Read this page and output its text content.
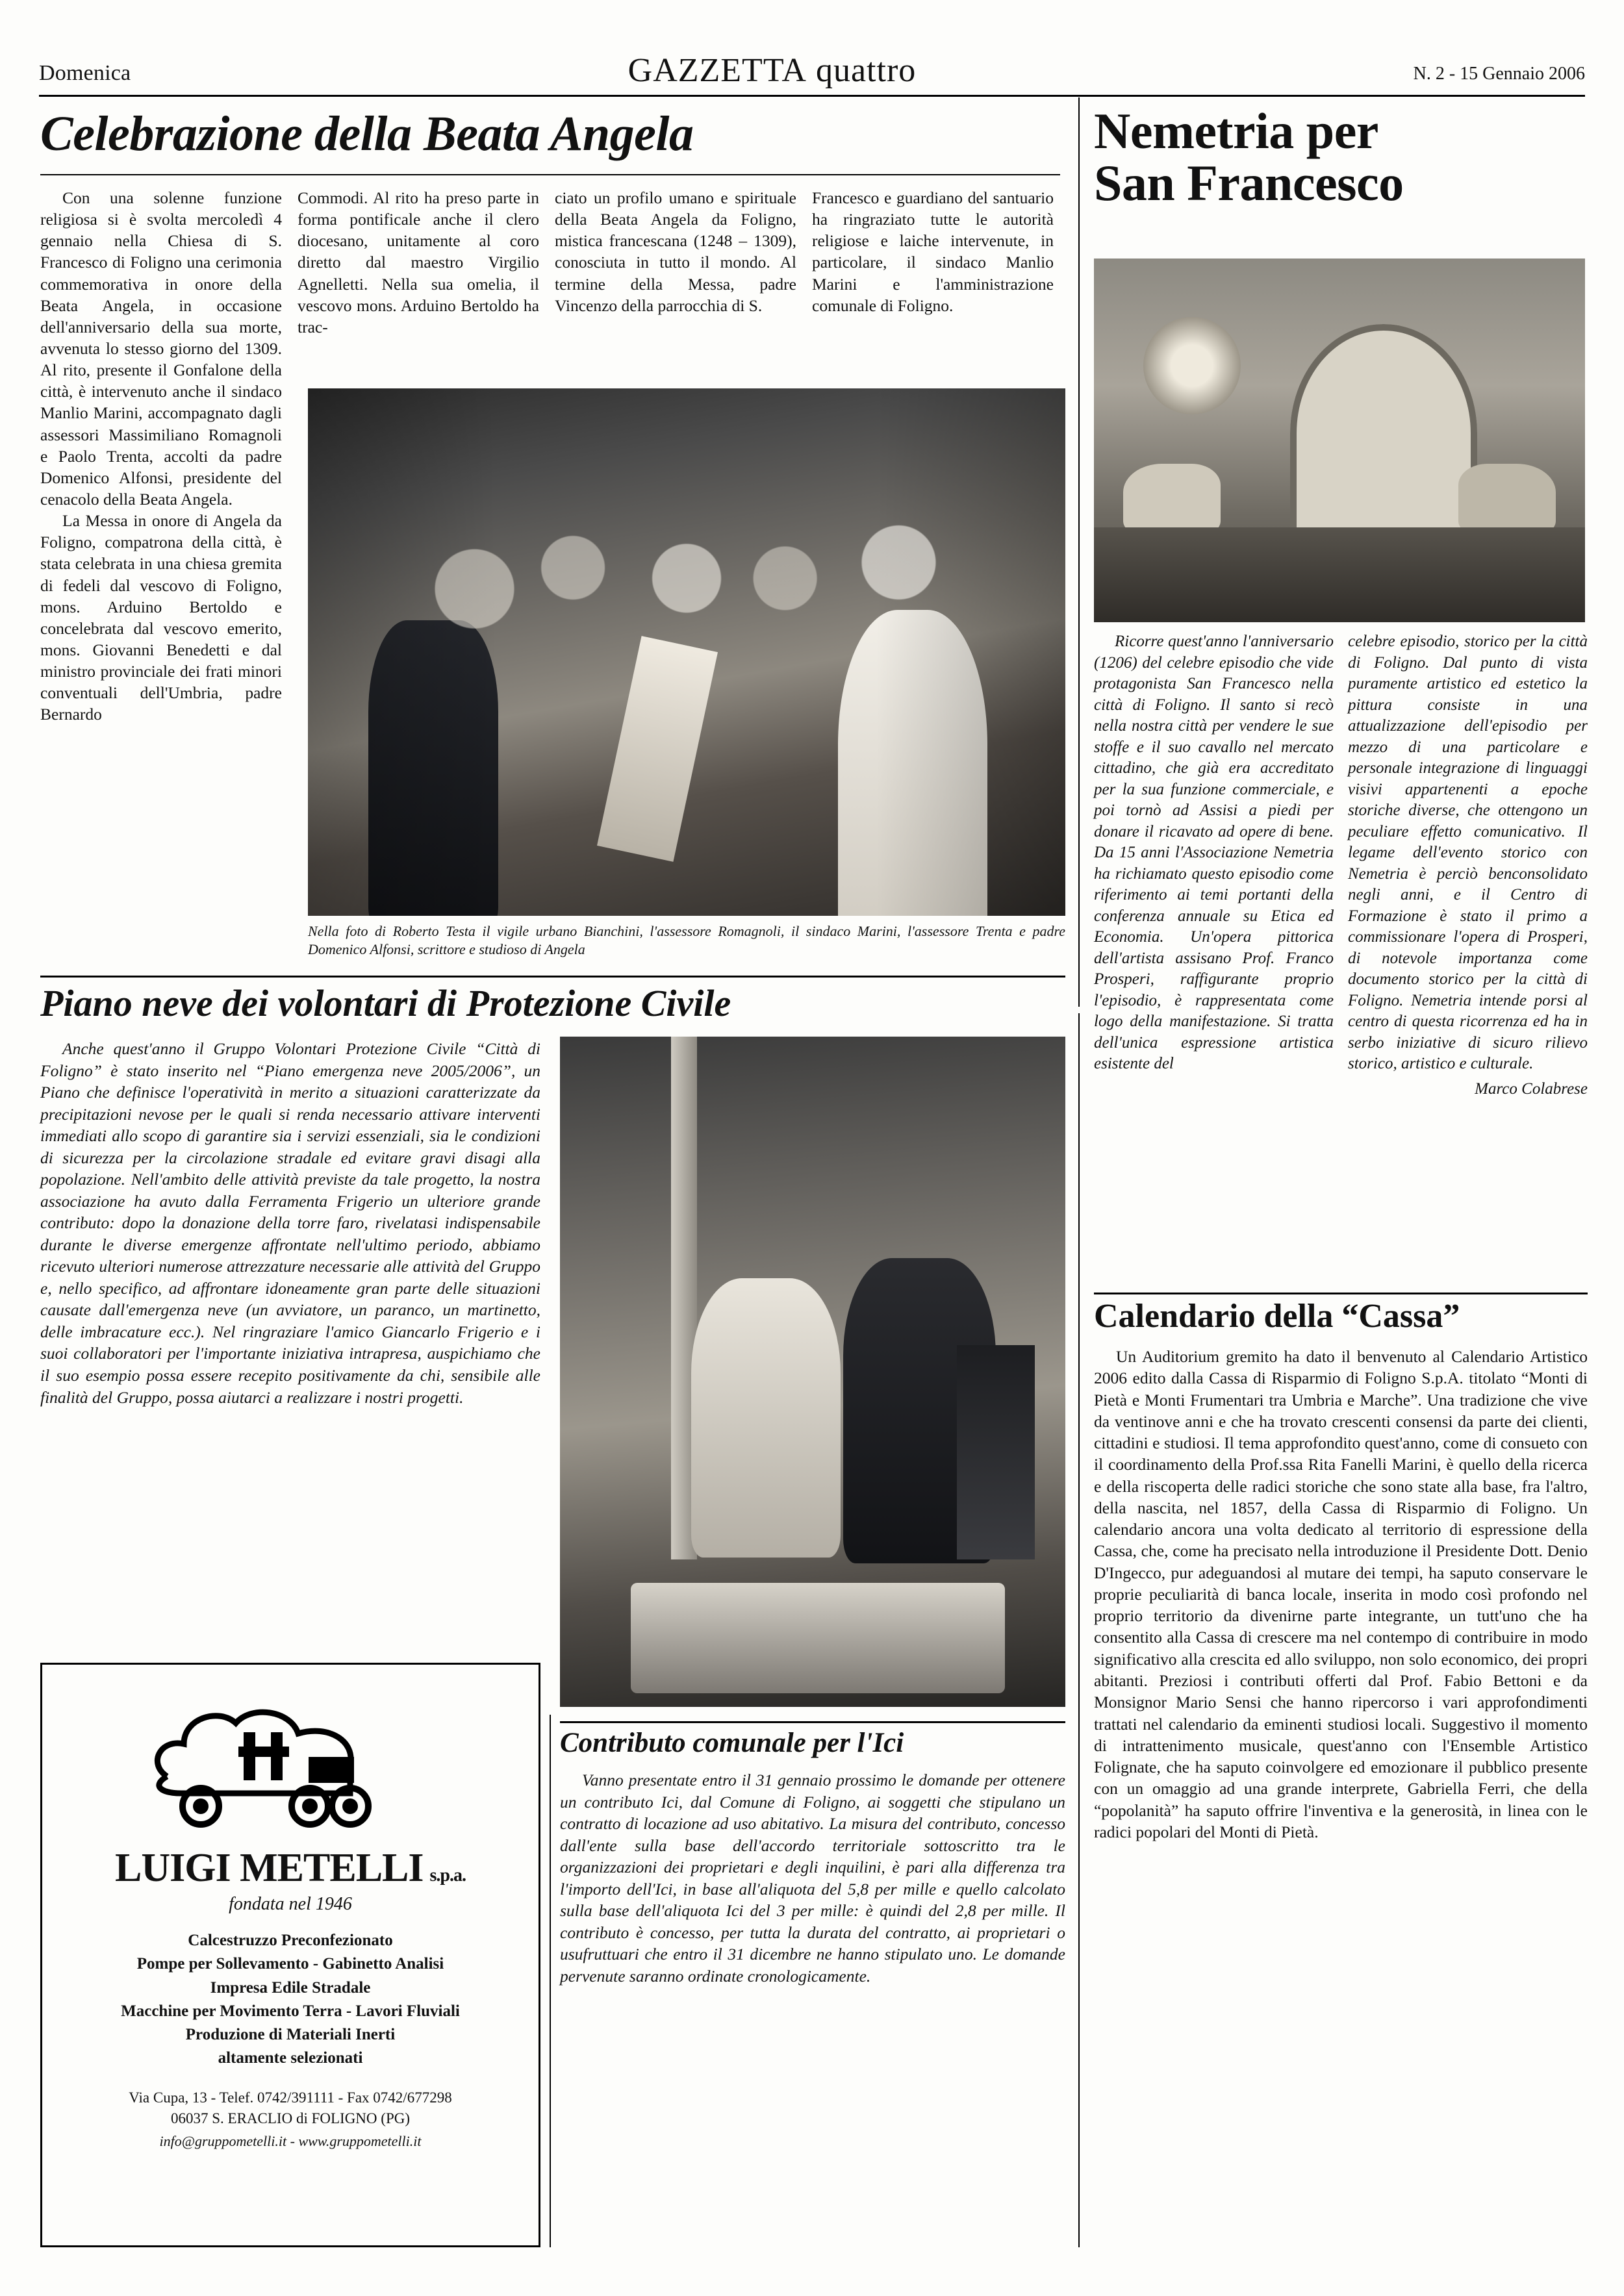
Domenica	GAZZETTA quattro	N. 2 - 15 Gennaio 2006
Celebrazione della Beata Angela

Con una solenne funzione religiosa si è svolta mercoledì 4 gennaio nella Chiesa di S. Francesco di Foligno una cerimonia commemorativa in onore della Beata Angela, in occasione dell'anniversario della sua morte, avvenuta lo stesso giorno del 1309. Al rito, presente il Gonfalone della città, è intervenuto anche il sindaco Manlio Marini, accompagnato dagli assessori Massimiliano Romagnoli e Paolo Trenta, accolti da padre Domenico Alfonsi, presidente del cenacolo della Beata Angela.

La Messa in onore di Angela da Foligno, compatrona della città, è stata celebrata in una chiesa gremita di fedeli dal vescovo di Foligno, mons. Arduino Bertoldo e concelebrata dal vescovo emerito, mons. Giovanni Benedetti e dal ministro provinciale dei frati minori conventuali dell'Umbria, padre Bernardo

Commodi. Al rito ha preso parte in forma pontificale anche il clero diocesano, unitamente al coro diretto dal maestro Virgilio Agnelletti. Nella sua omelia, il vescovo mons. Arduino Bertoldo ha trac-

ciato un profilo umano e spirituale della Beata Angela da Foligno, mistica francescana (1248 – 1309), conosciuta in tutto il mondo. Al termine della Messa, padre Vincenzo della parrocchia di S.

Francesco e guardiano del santuario ha ringraziato tutte le autorità religiose e laiche intervenute, in particolare, il sindaco Manlio Marini e l'amministrazione comunale di Foligno.

Nella foto di Roberto Testa il vigile urbano Bianchini, l'assessore Romagnoli, il sindaco Marini, l'assessore Trenta e padre Domenico Alfonsi, scrittore e studioso di Angela
Nemetria per
San Francesco

Ricorre quest'anno l'anniversario (1206) del celebre episodio che vide protagonista San Francesco nella città di Foligno. Il santo si recò nella nostra città per vendere le sue stoffe e il suo cavallo nel mercato cittadino, che già era accreditato per la sua funzione commerciale, e poi tornò ad Assisi a piedi per donare il ricavato ad opere di bene. Da 15 anni l'Associazione Nemetria ha richiamato questo episodio come riferimento ai temi portanti della conferenza annuale su Etica ed Economia. Un'opera pittorica dell'artista assisano Prof. Franco Prosperi, raffigurante proprio l'episodio, è rappresentata come logo della manifestazione. Si tratta dell'unica espressione artistica esistente del

celebre episodio, storico per la città di Foligno. Dal punto di vista puramente artistico ed estetico la pittura consiste in una attualizzazione dell'episodio per mezzo di una particolare e personale integrazione di linguaggi visivi appartenenti a epoche storiche diverse, che ottengono un peculiare effetto comunicativo. Il legame dell'evento storico con Nemetria è perciò benconsolidato negli anni, e il Centro di Formazione è stato il primo a commissionare l'opera di Prosperi, di notevole importanza come documento storico per la città di Foligno. Nemetria intende porsi al centro di questa ricorrenza ed ha in serbo iniziative di sicuro rilievo storico, artistico e culturale.

Marco Colabrese
Calendario della “Cassa”

Un Auditorium gremito ha dato il benvenuto al Calendario Artistico 2006 edito dalla Cassa di Risparmio di Foligno S.p.A. titolato “Monti di Pietà e Monti Frumentari tra Umbria e Marche”. Una tradizione che vive da ventinove anni e che ha trovato crescenti consensi da parte dei clienti, cittadini e studiosi. Il tema approfondito quest'anno, come di consueto con il coordinamento della Prof.ssa Rita Fanelli Marini, è quello della ricerca e della riscoperta delle radici storiche che sono state alla base, fra l'altro, della nascita, nel 1857, della Cassa di Risparmio di Foligno. Un calendario ancora una volta dedicato al territorio di espressione della Cassa, che, come ha precisato nella introduzione il Presidente Dott. Denio D'Ingecco, pur adeguandosi al mutare dei tempi, ha saputo conservare le proprie peculiarità di banca locale, inserita in modo così profondo nel proprio territorio da divenirne parte integrante, un tutt'uno che ha consentito alla Cassa di crescere ma nel contempo di contribuire in modo significativo alla crescita ed allo sviluppo, non solo economico, dei propri abitanti. Preziosi i contributi offerti dal Prof. Fabio Bettoni e da Monsignor Mario Sensi che hanno ripercorso i vari approfondimenti trattati nel calendario da eminenti studiosi locali. Suggestivo il momento di intrattenimento musicale, quest'anno con l'Ensemble Artistico Folignate, che ha saputo coinvolgere ed emozionare il pubblico presente con un omaggio ad una grande interprete, Gabriella Ferri, che della “popolanità” ha saputo offrire l'inventiva e la generosità, in linea con le radici popolari del Monti di Pietà.

Piano neve dei volontari di Protezione Civile

Anche quest'anno il Gruppo Volontari Protezione Civile “Città di Foligno” è stato inserito nel “Piano emergenza neve 2005/2006”, un Piano che definisce l'operatività in merito a situazioni caratterizzate da precipitazioni nevose per le quali si renda necessario attivare interventi immediati allo scopo di garantire sia i servizi essenziali, sia le condizioni di sicurezza per la circolazione stradale ed evitare gravi disagi alla popolazione. Nell'ambito delle attività previste da tale progetto, la nostra associazione ha avuto dalla Ferramenta Frigerio un ulteriore grande contributo: dopo la donazione della torre faro, rivelatasi indispensabile durante le diverse emergenze affrontate nell'ultimo periodo, abbiamo ricevuto ulteriori numerose attrezzature necessarie alle attività del Gruppo e, nello specifico, ad affrontare idoneamente gran parte delle situazioni causate dall'emergenza neve (un avviatore, un paranco, un martinetto, delle imbracature ecc.). Nel ringraziare l'amico Giancarlo Frigerio e i suoi collaboratori per l'importante iniziativa intrapresa, auspichiamo che il suo esempio possa essere recepito positivamente da chi, sensibile alle finalità del Gruppo, possa aiutarci a realizzare i nostri progetti.

Contributo comunale per l'Ici

Vanno presentate entro il 31 gennaio prossimo le domande per ottenere un contributo Ici, dal Comune di Foligno, ai soggetti che stipulano un contratto di locazione ad uso abitativo. La misura del contributo, concesso dall'ente sulla base dell'accordo territoriale sottoscritto tra le organizzazioni dei proprietari e degli inquilini, è pari alla differenza tra l'importo dell'Ici, in base all'aliquota del 5,8 per mille e quello calcolato sulla base dell'aliquota Ici del 3 per mille: è quindi del 2,8 per mille. Il contributo è concesso, per tutta la durata del contratto, ai proprietari o usufruttuari che entro il 31 dicembre ne hanno stipulato uno. Le domande pervenute saranno ordinate cronologicamente.

LUIGI METELLI s.p.a.
fondata nel 1946
Calcestruzzo Preconfezionato
Pompe per Sollevamento - Gabinetto Analisi
Impresa Edile Stradale
Macchine per Movimento Terra - Lavori Fluviali
Produzione di Materiali Inerti
altamente selezionati
Via Cupa, 13 - Telef. 0742/391111 - Fax 0742/677298
06037 S. ERACLIO di FOLIGNO (PG)
info@gruppometelli.it - www.gruppometelli.it
